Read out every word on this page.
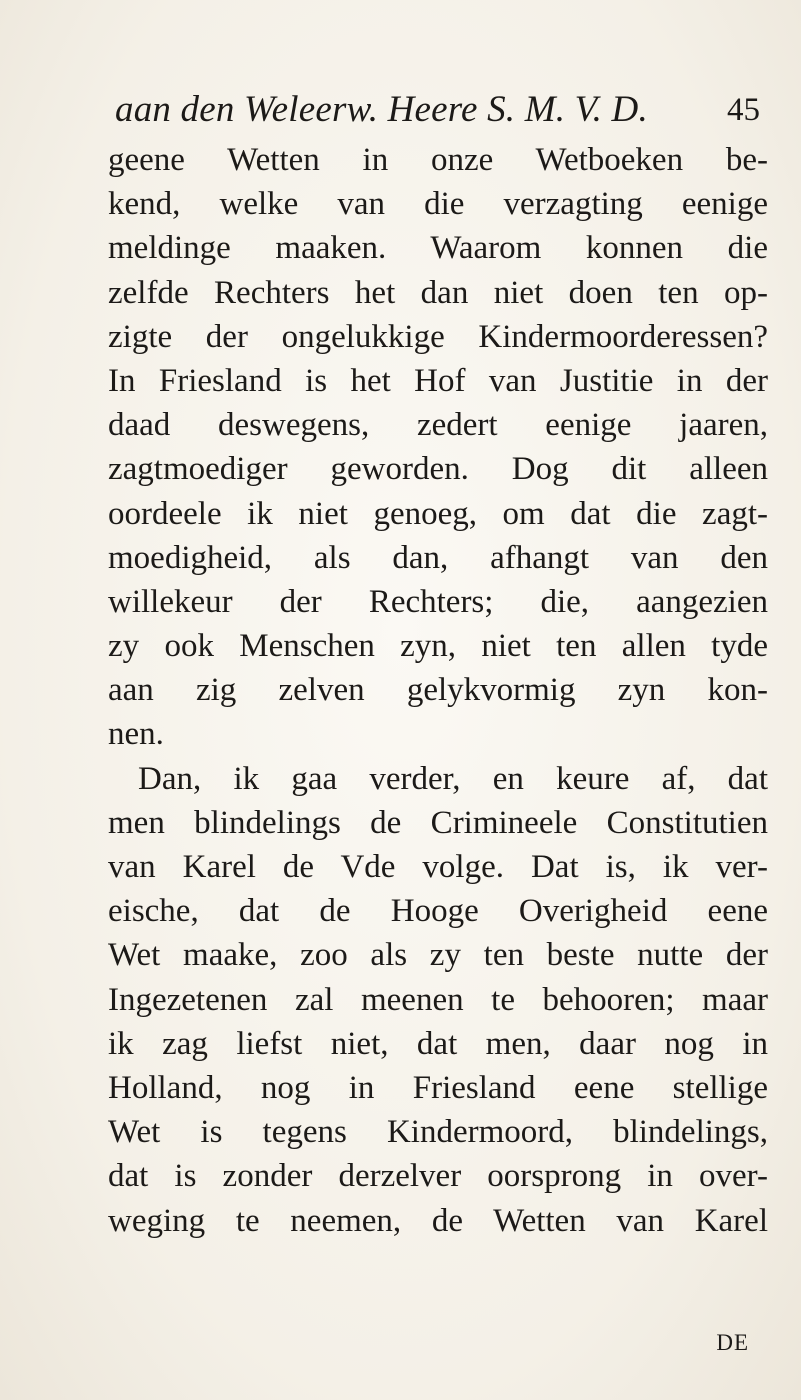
aan den Weleerw. Heere S. M. V. D. 45
geene Wetten in onze Wetboeken be-
kend, welke van die verzagting eenige
meldinge maaken. Waarom konnen die
zelfde Rechters het dan niet doen ten op-
zigte der ongelukkige Kindermoorderessen?
In Friesland is het Hof van Justitie in der
daad deswegens, zedert eenige jaaren,
zagtmoediger geworden. Dog dit alleen
oordeele ik niet genoeg, om dat die zagt-
moedigheid, als dan, afhangt van den
willekeur der Rechters; die, aangezien
zy ook Menschen zyn, niet ten allen tyde
aan zig zelven gelykvormig zyn kon-
nen.
Dan, ik gaa verder, en keure af, dat
men blindelings de Crimineele Constitutien
van Karel de Vde volge. Dat is, ik ver-
eische, dat de Hooge Overigheid eene
Wet maake, zoo als zy ten beste nutte der
Ingezetenen zal meenen te behooren; maar
ik zag liefst niet, dat men, daar nog in
Holland, nog in Friesland eene stellige
Wet is tegens Kindermoord, blindelings,
dat is zonder derzelver oorsprong in over-
weging te neemen, de Wetten van Karel
DE
